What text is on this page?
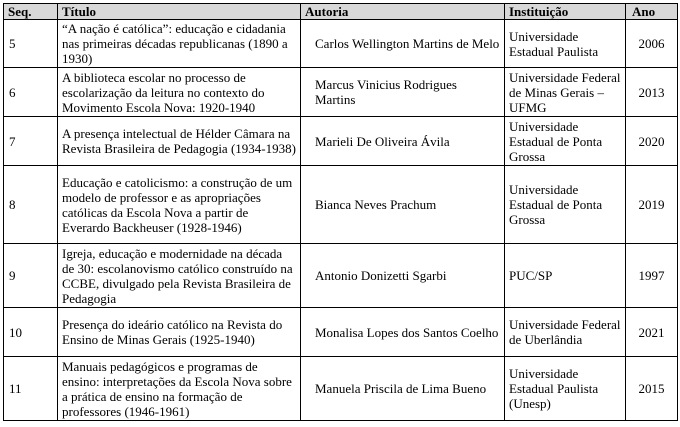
Seq.	Título	Autoria	Instituição	Ano
5	“A nação é católica”: educação e cidadania nas primeiras décadas republicanas (1890 a 1930)	Carlos Wellington Martins de Melo	Universidade Estadual Paulista	2006
6	A biblioteca escolar no processo de escolarização da leitura no contexto do Movimento Escola Nova: 1920-1940	Marcus Vinicius Rodrigues Martins	Universidade Federal de Minas Gerais – UFMG	2013
7	A presença intelectual de Hélder Câmara na Revista Brasileira de Pedagogia (1934-1938)	Marieli De Oliveira Ávila	Universidade Estadual de Ponta Grossa	2020
8	Educação e catolicismo: a construção de um modelo de professor e as apropriações católicas da Escola Nova a partir de Everardo Backheuser (1928-1946)	Bianca Neves Prachum	Universidade Estadual de Ponta Grossa	2019
9	Igreja, educação e modernidade na década de 30: escolanovismo católico construído na CCBE, divulgado pela Revista Brasileira de Pedagogia	Antonio Donizetti Sgarbi	PUC/SP	1997
10	Presença do ideário católico na Revista do Ensino de Minas Gerais (1925-1940)	Monalisa Lopes dos Santos Coelho	Universidade Federal de Uberlândia	2021
11	Manuais pedagógicos e programas de ensino: interpretações da Escola Nova sobre a prática de ensino na formação de professores (1946-1961)	Manuela Priscila de Lima Bueno	Universidade Estadual Paulista (Unesp)	2015
